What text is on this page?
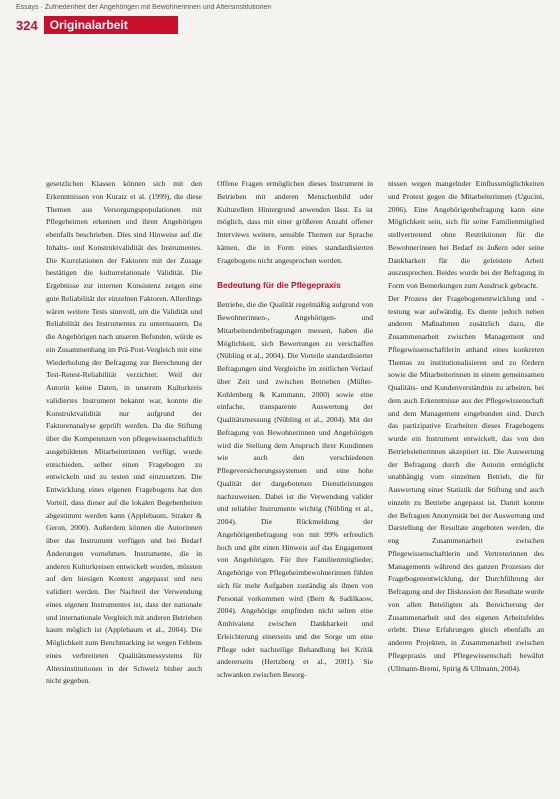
Essays · Zufriedenheit der Angehörigen mit Bewohnerinnen und Altersinstitutionen
324	Originalarbeit

gesetzlichen Klassen können sich mit den Erkenntnissen von Kuratz et al. (1999), die diese Themen aus Versorgungspopulationen mit Pflegeheimen erkennen und ihren Angehörigen ebenfalls beschrieben. Dies sind Hinweise auf die Inhalts- und Konstruktvalidität des Instrumentes. Die Korrelationen der Faktoren mit der Zusage bestätigen die kulturrelationale Validität. Die Ergebnisse zur internen Konsistenz zeigen eine gute Reliabilität der einzelnen Faktoren. Allerdings wären weitere Tests sinnvoll, um die Validität und Reliabilität des Instrumentes zu untermauern. Da die Angehörigen nach unseren Befunden, würde es ein Zusammenhang im Prä-Post-Vergleich mit eine Wiederholung der Befragung zur Berechnung der Test-Retest-Reliabilität verzichtet. Weil der Autorin keine Daten, in unserem Kulturkreis validiertes Instrument bekannt war, konnte die Konstruktvalidität nur aufgrund der Faktorenanalyse geprüft werden. Da die Stiftung über die Kompetenzen von pflegewissenschaftlich ausgebildeten Mitarbeiterinnen verfügt, wurde entschieden, selber einen Fragebogen zu entwickeln und zu testen und einzusetzen. Die Entwicklung eines eigenen Fragebogens hat den Vorteil, dass dieser auf die lokalen Begebenheiten abgestimmt werden kann (Applebaum, Straker & Geron, 2000). Außerdem können die Autorinnen über das Instrument verfügen und bei Bedarf Änderungen vornehmen. Instrumente, die in anderen Kulturkreisen entwickelt wurden, müssten auf den hiesigen Kontext angepasst und neu validiert werden. Der Nachteil der Verwendung eines eigenen Instrumentes ist, dass der nationale und internationale Vergleich mit anderen Betrieben kaum möglich ist (Applebaum et al., 2004). Die Möglichkeit zum Benchmarking ist wegen Fehlens eines verbreiteten Qualitätsmessystems für Altersinstitutionen in der Schweiz bisher auch nicht gegeben.

Offene Fragen ermöglichen dieses Instrument in Betrieben mit anderen Menschenbild oder Kulturellem Hintergrund anwenden lässt. Es ist möglich, dass mit einer größeren Anzahl offener Interviews weitere, sensible Themen zur Sprache kämen, die in Form eines standardisierten Fragebogens nicht angesprochen werden.

Bedeutung für die Pflegepraxis

Betriebe, die die Qualität regelmäßig aufgrund von Bewohnerinnen-, Angehörigen- und Mitarbeitendenbefragungen messen, haben die Möglichkeit, sich Bewertungen zu verschaffen (Nübling et al., 2004). Die Vorteile standardisierter Befragungen sind Vergleiche im zeitlichen Verlauf über Zeit und zwischen Betrieben (Müller-Kohlenberg & Kammann, 2000) sowie eine einfache, transparente Auswertung der Qualitätsmessung (Nübling et al., 2004). Mit der Befragung von Bewohnerinnen und Angehörigen wird die Stellung dem Anspruch ihrer Kundinnen wie auch den verschiedenen Pflegeversicherungssystemen und eine hohe Qualität der dargebotenen Dienstleistungen nachzuweisen. Dabei ist die Verwendung valider und reliabler Instrumente wichtig (Nübling et al., 2004). Die Rückmeldung der Angehörigenbefragung von mit 99% erfreulich hoch und gibt einen Hinweis auf das Engagement von Angehörigen. Für ihre Familienmitglieder, Angehörige von Pflegeheimbewohnerinnen fühlen sich für mehr Aufgaben zuständig als ihnen von Personal vorkommen wird (Bern & Sadilkaow, 2004). Angehörige empfinden nicht selten eine Ambivalenz zwischen Dankbarkeit und Erleichterung einerseits und der Sorge um eine Pflege oder nachteilige Behandlung bei Kritik andererseits (Hertzberg et al., 2001). Sie schwanken zwischen Besorg-

nissen wegen mangelnder Einflussmöglichkeiten und Protest gegen die Mitarbeiterinnen (Ugucini, 2006). Eine Angehörigenbefragung kann eine Möglichkeit sein, sich für seine Familienmitglied stellvertretend ohne Restriktionen für die Bewohnerinnen bei Bedarf zu äußern oder seine Dankbarkeit für die geleistete Arbeit auszusprechen. Beides wurde bei der Befragung in Form von Bemerkungen zum Ausdruck gebracht.

Der Prozess der Fragebogenentwicklung und -testung war aufwändig. Es diente jedoch neben anderen Maßnahmen zusätzlich dazu, die Zusammenarbeit zwischen Management und Pflegewissenschaftlerin anhand eines konkreten Themas zu institutionalisieren und zu fördern sowie die Mitarbeiterinnen in einem gemeinsamen Qualitäts- und Kundenverständnis zu arbeiten, bei dem auch Erkenntnisse aus der Pflegewissenschaft und dem Management eingebunden sind. Durch das partizipative Erarbeiten dieses Fragebogens wurde ein Instrument entwickelt, das von den Betriebsleiterinnen akzeptiert ist. Die Auswertung der Befragung durch die Autorin ermöglicht unabhängig vom einzelnen Betrieb, die für Auswertung einer Statistik der Stiftung und auch einzeln zu Betriebe angepasst ist. Damit konnte der Befragten Anonymität bei der Auswertung und Darstellung der Resultate angeboten werden, die eng Zusammenarbeit zwischen Pflegewissenschaftlerin und Vertreterinnen des Managements während des ganzen Prozesses der Fragebogenentwicklung, der Durchführung der Befragung und der Diskussion der Resultate wurde von allen Beteiligten als Bereicherung der Zusammenarbeit und des eigenen Arbeitsfeldes erlebt. Diese Erfahrungen gleich ebenfalls an anderen Projekten, in Zusammenarbeit zwischen Pflegepraxis und Pflegewissenschaft bewährt (Ullmann-Bremi, Spirig & Ullmann, 2004).
